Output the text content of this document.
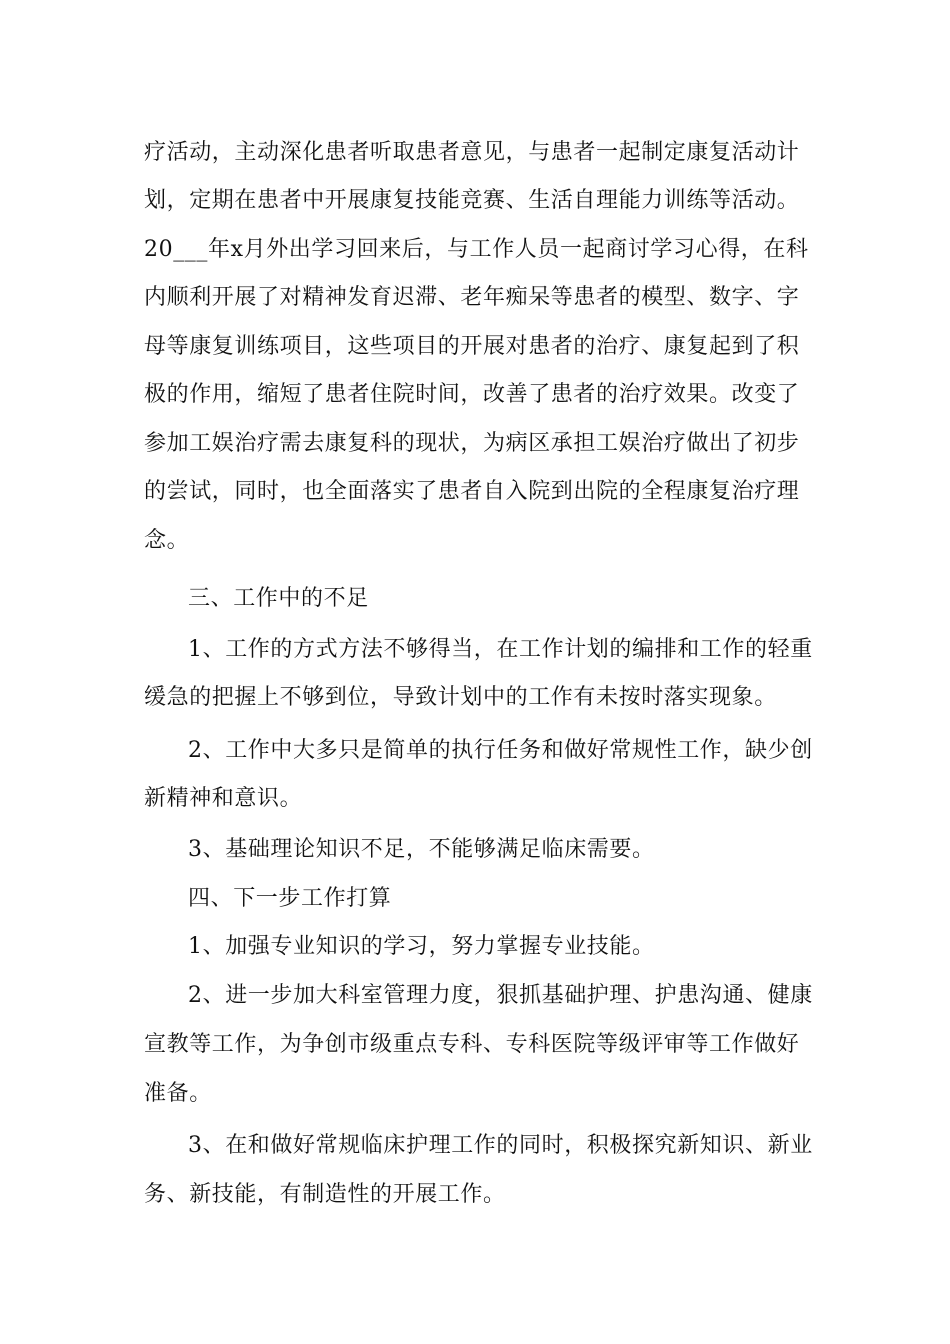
疗活动，主动深化患者听取患者意见，与患者一起制定康复活动计
划，定期在患者中开展康复技能竞赛、生活自理能力训练等活动。
20___年x月外出学习回来后，与工作人员一起商讨学习心得，在科
内顺利开展了对精神发育迟滞、老年痴呆等患者的模型、数字、字
母等康复训练项目，这些项目的开展对患者的治疗、康复起到了积
极的作用，缩短了患者住院时间，改善了患者的治疗效果。改变了
参加工娱治疗需去康复科的现状，为病区承担工娱治疗做出了初步
的尝试，同时，也全面落实了患者自入院到出院的全程康复治疗理
念。
三、工作中的不足
1、工作的方式方法不够得当，在工作计划的编排和工作的轻重
缓急的把握上不够到位，导致计划中的工作有未按时落实现象。
2、工作中大多只是简单的执行任务和做好常规性工作，缺少创
新精神和意识。
3、基础理论知识不足，不能够满足临床需要。
四、下一步工作打算
1、加强专业知识的学习，努力掌握专业技能。
2、进一步加大科室管理力度，狠抓基础护理、护患沟通、健康
宣教等工作，为争创市级重点专科、专科医院等级评审等工作做好
准备。
3、在和做好常规临床护理工作的同时，积极探究新知识、新业
务、新技能，有制造性的开展工作。
